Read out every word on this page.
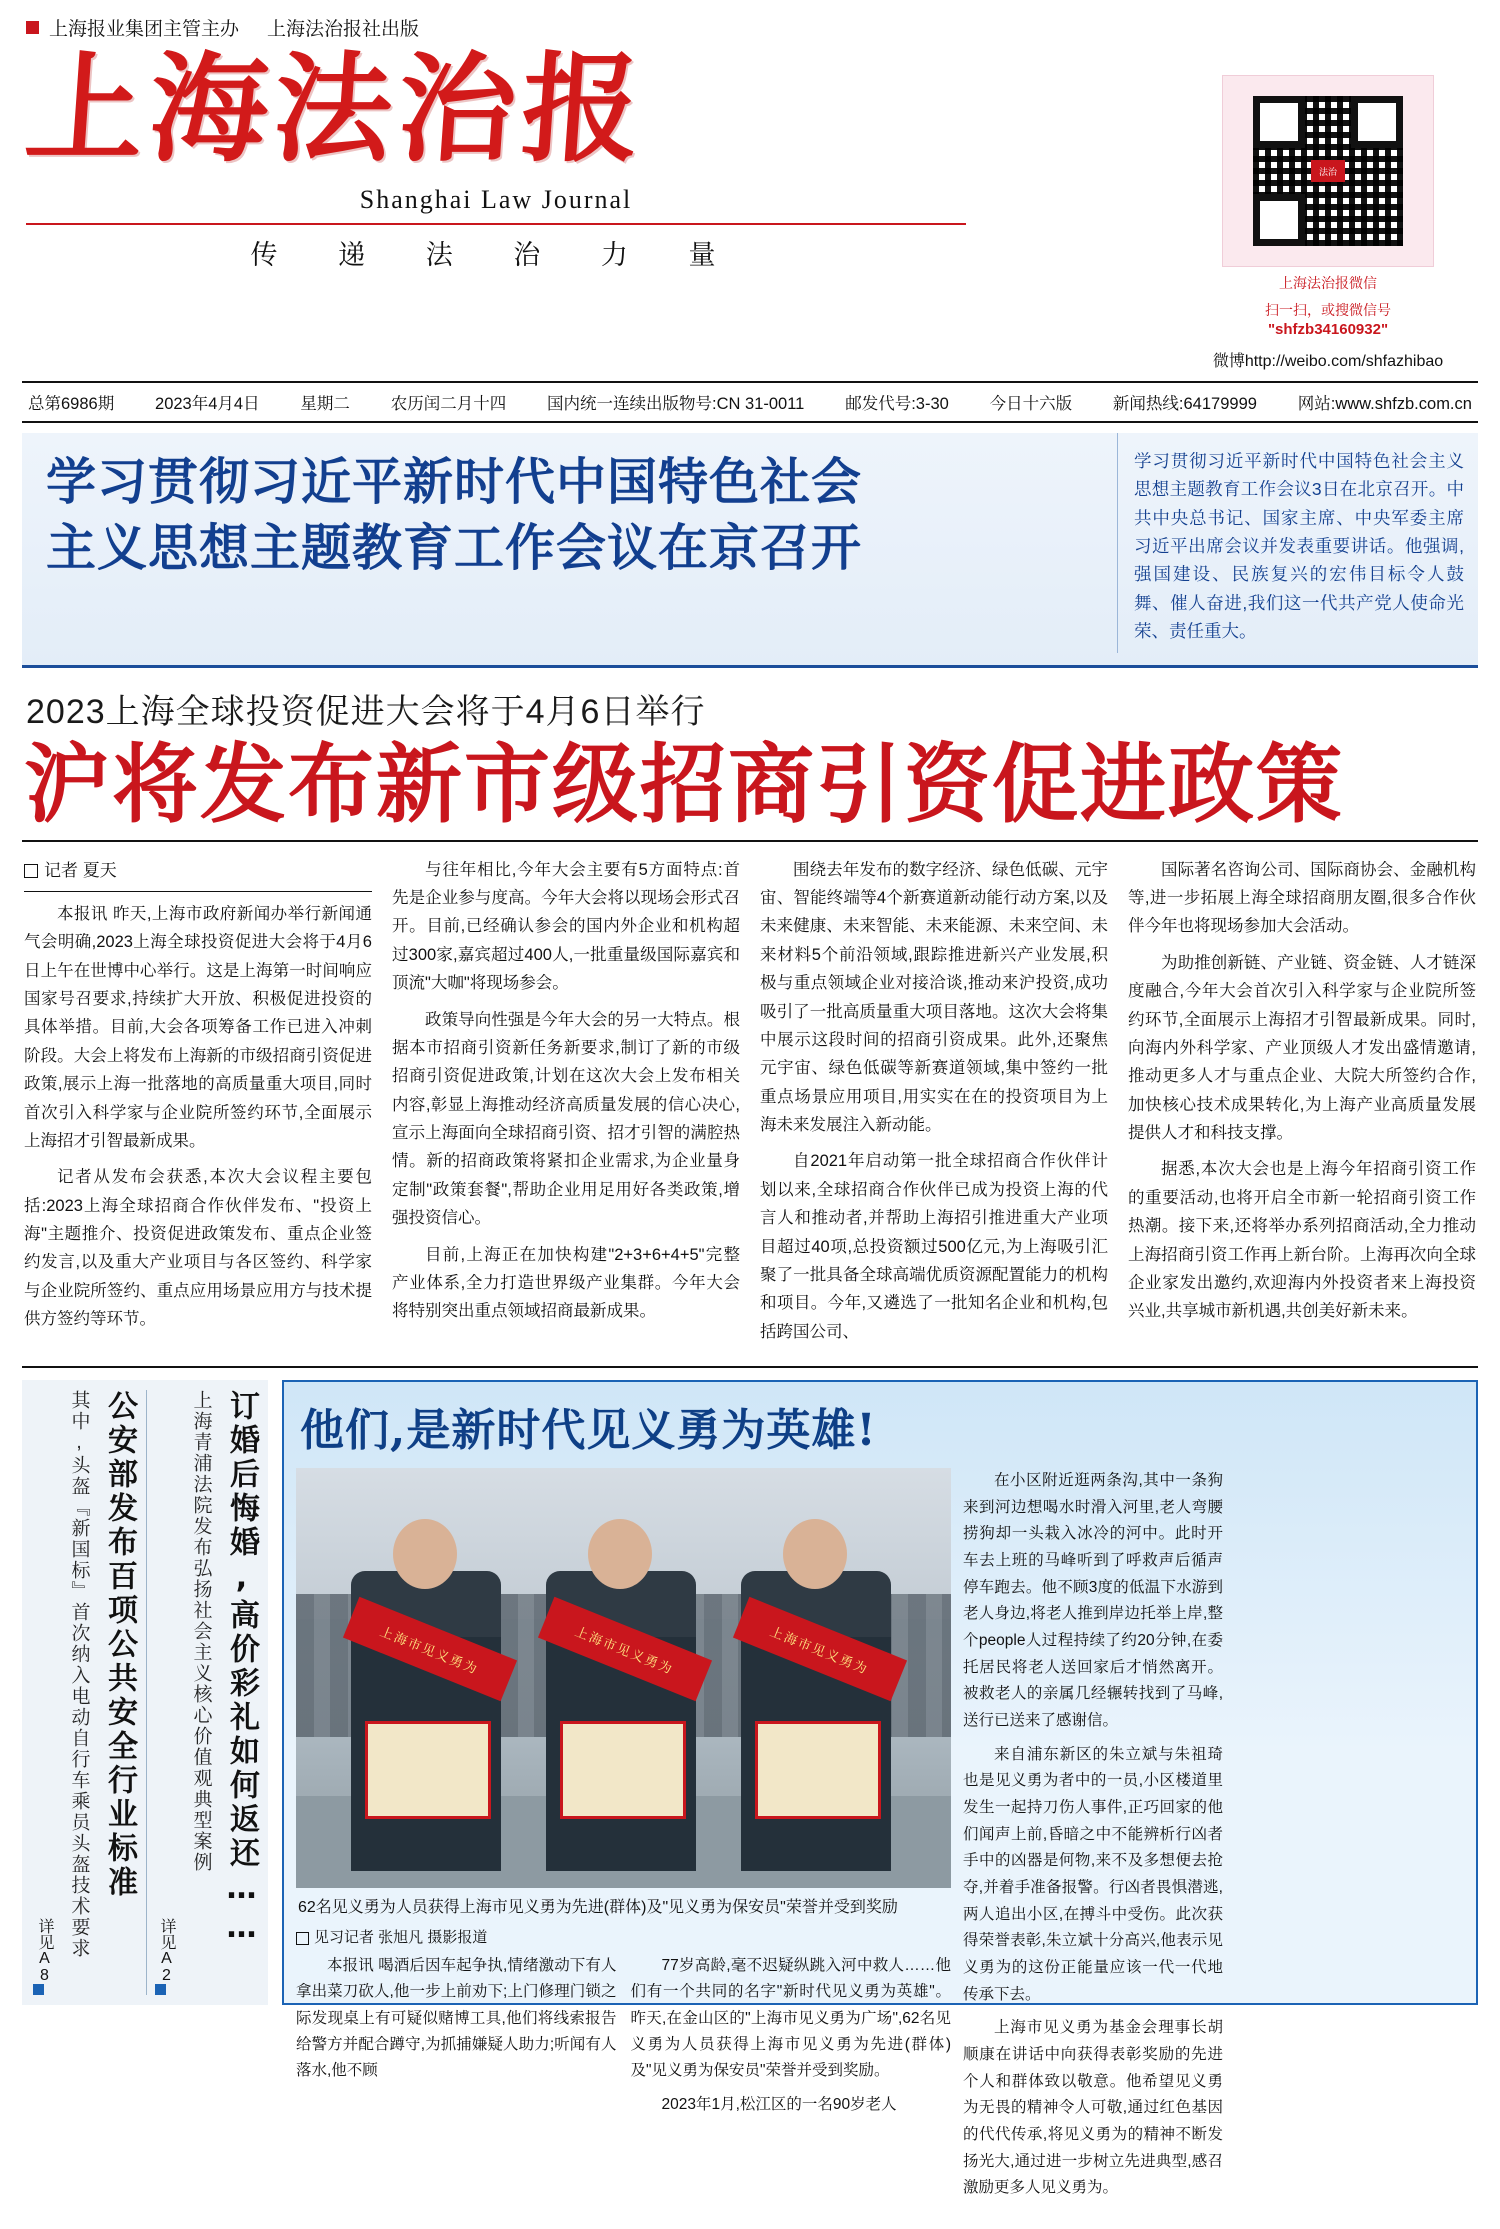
上海报业集团主管主办 上海法治报社出版
上海法治报
Shanghai Law Journal
传 递 法 治 力 量
法治
上海法治报微信
扫一扫，或搜微信号
"shfzb34160932"
微博http://weibo.com/shfazhibao
总第6986期 2023年4月4日 星期二 农历闰二月十四 国内统一连续出版物号:CN 31-0011 邮发代号:3-30 今日十六版 新闻热线:64179999 网站:www.shfzb.com.cn
学习贯彻习近平新时代中国特色社会
主义思想主题教育工作会议在京召开
学习贯彻习近平新时代中国特色社会主义思想主题教育工作会议3日在北京召开。中共中央总书记、国家主席、中央军委主席习近平出席会议并发表重要讲话。他强调,强国建设、民族复兴的宏伟目标令人鼓舞、催人奋进,我们这一代共产党人使命光荣、责任重大。
2023上海全球投资促进大会将于4月6日举行
沪将发布新市级招商引资促进政策
记者 夏天

本报讯 昨天,上海市政府新闻办举行新闻通气会明确,2023上海全球投资促进大会将于4月6日上午在世博中心举行。这是上海第一时间响应国家号召要求,持续扩大开放、积极促进投资的具体举措。目前,大会各项筹备工作已进入冲刺阶段。大会上将发布上海新的市级招商引资促进政策,展示上海一批落地的高质量重大项目,同时首次引入科学家与企业院所签约环节,全面展示上海招才引智最新成果。

记者从发布会获悉,本次大会议程主要包括:2023上海全球招商合作伙伴发布、"投资上海"主题推介、投资促进政策发布、重点企业签约发言,以及重大产业项目与各区签约、科学家与企业院所签约、重点应用场景应用方与技术提供方签约等环节。

与往年相比,今年大会主要有5方面特点:首先是企业参与度高。今年大会将以现场会形式召开。目前,已经确认参会的国内外企业和机构超过300家,嘉宾超过400人,一批重量级国际嘉宾和顶流"大咖"将现场参会。

政策导向性强是今年大会的另一大特点。根据本市招商引资新任务新要求,制订了新的市级招商引资促进政策,计划在这次大会上发布相关内容,彰显上海推动经济高质量发展的信心决心,宣示上海面向全球招商引资、招才引智的满腔热情。新的招商政策将紧扣企业需求,为企业量身定制"政策套餐",帮助企业用足用好各类政策,增强投资信心。

目前,上海正在加快构建"2+3+6+4+5"完整产业体系,全力打造世界级产业集群。今年大会将特别突出重点领域招商最新成果。

围绕去年发布的数字经济、绿色低碳、元宇宙、智能终端等4个新赛道新动能行动方案,以及未来健康、未来智能、未来能源、未来空间、未来材料5个前沿领域,跟踪推进新兴产业发展,积极与重点领域企业对接洽谈,推动来沪投资,成功吸引了一批高质量重大项目落地。这次大会将集中展示这段时间的招商引资成果。此外,还聚焦元宇宙、绿色低碳等新赛道领域,集中签约一批重点场景应用项目,用实实在在的投资项目为上海未来发展注入新动能。

自2021年启动第一批全球招商合作伙伴计划以来,全球招商合作伙伴已成为投资上海的代言人和推动者,并帮助上海招引推进重大产业项目超过40项,总投资额过500亿元,为上海吸引汇聚了一批具备全球高端优质资源配置能力的机构和项目。今年,又遴选了一批知名企业和机构,包括跨国公司、

国际著名咨询公司、国际商协会、金融机构等,进一步拓展上海全球招商朋友圈,很多合作伙伴今年也将现场参加大会活动。

为助推创新链、产业链、资金链、人才链深度融合,今年大会首次引入科学家与企业院所签约环节,全面展示上海招才引智最新成果。同时,向海内外科学家、产业顶级人才发出盛情邀请,推动更多人才与重点企业、大院大所签约合作,加快核心技术成果转化,为上海产业高质量发展提供人才和科技支撑。

据悉,本次大会也是上海今年招商引资工作的重要活动,也将开启全市新一轮招商引资工作热潮。接下来,还将举办系列招商活动,全力推动上海招商引资工作再上新台阶。上海再次向全球企业家发出邀约,欢迎海内外投资者来上海投资兴业,共享城市新机遇,共创美好新未来。

订婚后悔婚,高价彩礼如何返还……
上海青浦法院发布弘扬社会主义核心价值观典型案例
详见A2
公安部发布百项公共安全行业标准
其中,头盔『新国标』首次纳入电动自行车乘员头盔技术要求
详见A8
他们,是新时代见义勇为英雄!
上海市见义勇为	上海市见义勇为	上海市见义勇为
62名见义勇为人员获得上海市见义勇为先进(群体)及"见义勇为保安员"荣誉并受到奖励
见习记者 张旭凡 摄影报道

本报讯 喝酒后因车起争执,情绪激动下有人拿出菜刀砍人,他一步上前劝下;上门修理门锁之际发现桌上有可疑似赌博工具,他们将线索报告给警方并配合蹲守,为抓捕嫌疑人助力;听闻有人落水,他不顾

77岁高龄,毫不迟疑纵跳入河中救人……他们有一个共同的名字"新时代见义勇为英雄"。昨天,在金山区的"上海市见义勇为广场",62名见义勇为人员获得上海市见义勇为先进(群体)及"见义勇为保安员"荣誉并受到奖励。

2023年1月,松江区的一名90岁老人

在小区附近逛两条沟,其中一条狗来到河边想喝水时滑入河里,老人弯腰捞狗却一头栽入冰冷的河中。此时开车去上班的马峰听到了呼救声后循声停车跑去。他不顾3度的低温下水游到老人身边,将老人推到岸边托举上岸,整个people人过程持续了约20分钟,在委托居民将老人送回家后才悄然离开。被救老人的亲属几经辗转找到了马峰,送行已送来了感谢信。

来自浦东新区的朱立斌与朱祖琦也是见义勇为者中的一员,小区楼道里发生一起持刀伤人事件,正巧回家的他们闻声上前,昏暗之中不能辨析行凶者手中的凶器是何物,来不及多想便去抢夺,并着手准备报警。行凶者畏惧潜逃,两人追出小区,在搏斗中受伤。此次获得荣誉表彰,朱立斌十分高兴,他表示见义勇为的这份正能量应该一代一代地传承下去。

上海市见义勇为基金会理事长胡顺康在讲话中向获得表彰奖励的先进个人和群体致以敬意。他希望见义勇为无畏的精神令人可敬,通过红色基因的代代传承,将见义勇为的精神不断发扬光大,通过进一步树立先进典型,感召激励更多人见义勇为。
